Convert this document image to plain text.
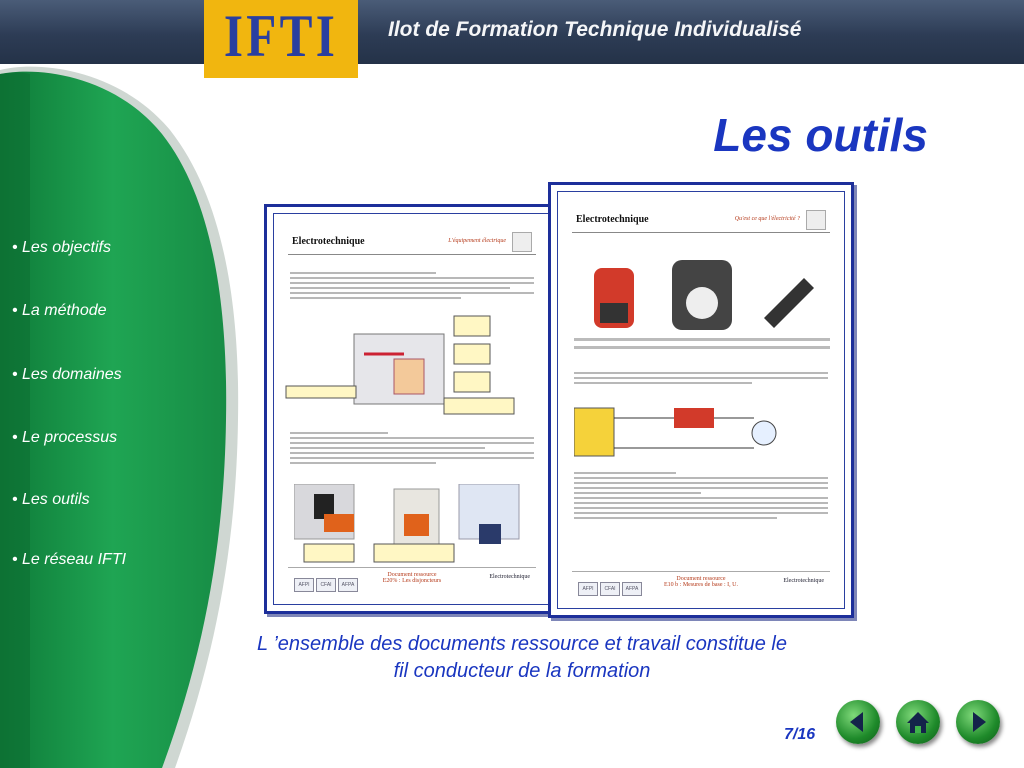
Ilot de Formation Technique Individualisé
IFTI
• Les objectifs
• La méthode
• Les domaines
• Le processus
• Les outils
• Le réseau IFTI
Les outils
Electrotechnique	L'équipement électrique
AFPI CFAI AFPA
Document ressource
E20% : Les disjoncteurs
Electrotechnique
Electrotechnique	Qu'est ce que l'électricité ?
AFPI CFAI AFPA
Document ressource
E10 b : Mesures de base : I, U.
Electrotechnique
L ’ensemble des documents ressource et travail constitue le
fil conducteur de la formation
7/16
